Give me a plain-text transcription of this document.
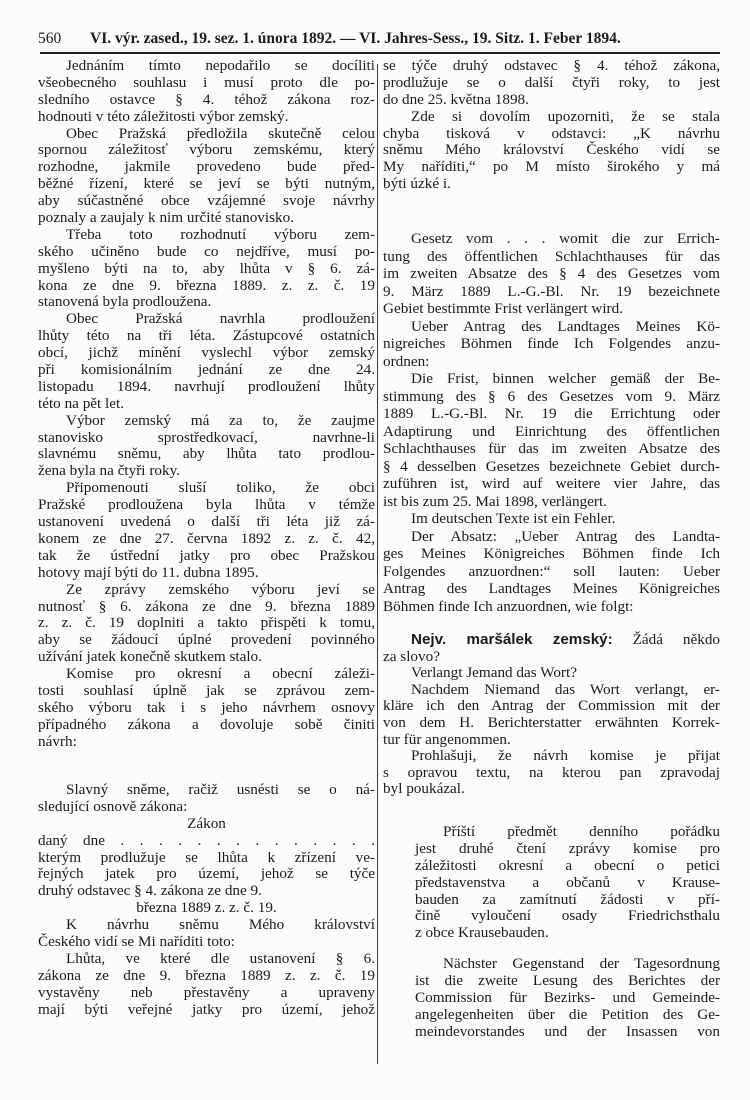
560 VI. výr. zased., 19. sez. 1. února 1892. — VI. Jahres-Sess., 19. Sitz. 1. Feber 1894.
Jednáním tímto nepodařilo se docíliti
všeobecného souhlasu i musí proto dle po-
sledního ostavce § 4. téhož zákona roz-
hodnouti v této záležitosti výbor zemský.
Obec Pražská předložila skutečně celou
spornou záležitosť výboru zemskému, který
rozhodne, jakmile provedeno bude před-
běžné řízení, které se jeví se býti nutným,
aby súčastněné obce vzájemné svoje návrhy
poznaly a zaujaly k nim určité stanovisko.
Třeba toto rozhodnutí výboru zem-
ského učiněno bude co nejdříve, musí po-
myšleno býti na to, aby lhůta v § 6. zá-
kona ze dne 9. března 1889. z. z. č. 19
stanovená byla prodloužena.
Obec Pražská navrhla prodloužení
lhůty této na tři léta. Zástupcové ostatních
obcí, jichž mínění vyslechl výbor zemský
při komisionálním jednání ze dne 24.
listopadu 1894. navrhují prodloužení lhůty
této na pět let.
Výbor zemský má za to, že zaujme
stanovisko sprostředkovací, navrhne-li
slavnému sněmu, aby lhůta tato prodlou-
žena byla na čtyři roky.
Připomenouti sluší toliko, že obci
Pražské prodloužena byla lhůta v témže
ustanovení uvedená o další tři léta již zá-
konem ze dne 27. června 1892 z. z. č. 42,
tak že ústřední jatky pro obec Pražskou
hotovy mají býti do 11. dubna 1895.
Ze zprávy zemského výboru jeví se
nutnosť § 6. zákona ze dne 9. března 1889
z. z. č. 19 doplniti a takto přispěti k tomu,
aby se žádoucí úplné provedení povinného
užívání jatek konečně skutkem stalo.
Komise pro okresní a obecní záleži-
tosti souhlasí úplně jak se zprávou zem-
ského výboru tak i s jeho návrhem osnovy
případného zákona a dovoluje sobě činiti
návrh:
Slavný sněme, račiž usnésti se o ná-
sledující osnově zákona:
Zákon
daný dne . . . . . . . . . . . . . .
kterým prodlužuje se lhůta k zřízení ve-
řejných jatek pro území, jehož se týče
druhý odstavec § 4. zákona ze dne 9.
března 1889 z. z. č. 19.
K návrhu sněmu Mého království
Českého vidí se Mi naříditi toto:
Lhůta, ve které dle ustanovení § 6.
zákona ze dne 9. března 1889 z. z. č. 19
vystavěny neb přestavěny a upraveny
mají býti veřejné jatky pro území, jehož
se týče druhý odstavec § 4. téhož zákona,
prodlužuje se o další čtyři roky, to jest
do dne 25. května 1898.
Zde si dovolím upozorniti, že se stala
chyba tisková v odstavci: „K návrhu
sněmu Mého království Českého vidí se
My naříditi,“ po M místo širokého y má
býti úzké i.
Gesetz vom . . . womit die zur Errich-
tung des öffentlichen Schlachthauses für das
im zweiten Absatze des § 4 des Gesetzes vom
9. März 1889 L.-G.-Bl. Nr. 19 bezeichnete
Gebiet bestimmte Frist verlängert wird.
Ueber Antrag des Landtages Meines Kö-
nigreiches Böhmen finde Ich Folgendes anzu-
ordnen:
Die Frist, binnen welcher gemäß der Be-
stimmung des § 6 des Gesetzes vom 9. März
1889 L.-G.-Bl. Nr. 19 die Errichtung oder
Adaptirung und Einrichtung des öffentlichen
Schlachthauses für das im zweiten Absatze des
§ 4 desselben Gesetzes bezeichnete Gebiet durch-
zuführen ist, wird auf weitere vier Jahre, das
ist bis zum 25. Mai 1898, verlängert.
Im deutschen Texte ist ein Fehler.
Der Absatz: „Ueber Antrag des Landta-
ges Meines Königreiches Böhmen finde Ich
Folgendes anzuordnen:“ soll lauten: Ueber
Antrag des Landtages Meines Königreiches
Böhmen finde Ich anzuordnen, wie folgt:
Nejv. maršálek zemský: Žádá někdo
za slovo?
Verlangt Jemand das Wort?
Nachdem Niemand das Wort verlangt, er-
kläre ich den Antrag der Commission mit der
von dem H. Berichterstatter erwähnten Korrek-
tur für angenommen.
Prohlašuji, že návrh komise je přijat
s opravou textu, na kterou pan zpravodaj
byl poukázal.
Příští předmět denního pořádku
jest druhé čtení zprávy komise pro
záležitosti okresní a obecní o petici
představenstva a občanů v Krause-
bauden za zamítnutí žádosti v pří-
čině vyloučení osady Friedrichsthalu
z obce Krausebauden.
Nächster Gegenstand der Tagesordnung
ist die zweite Lesung des Berichtes der
Commission für Bezirks- und Gemeinde-
angelegenheiten über die Petition des Ge-
meindevorstandes und der Insassen von
